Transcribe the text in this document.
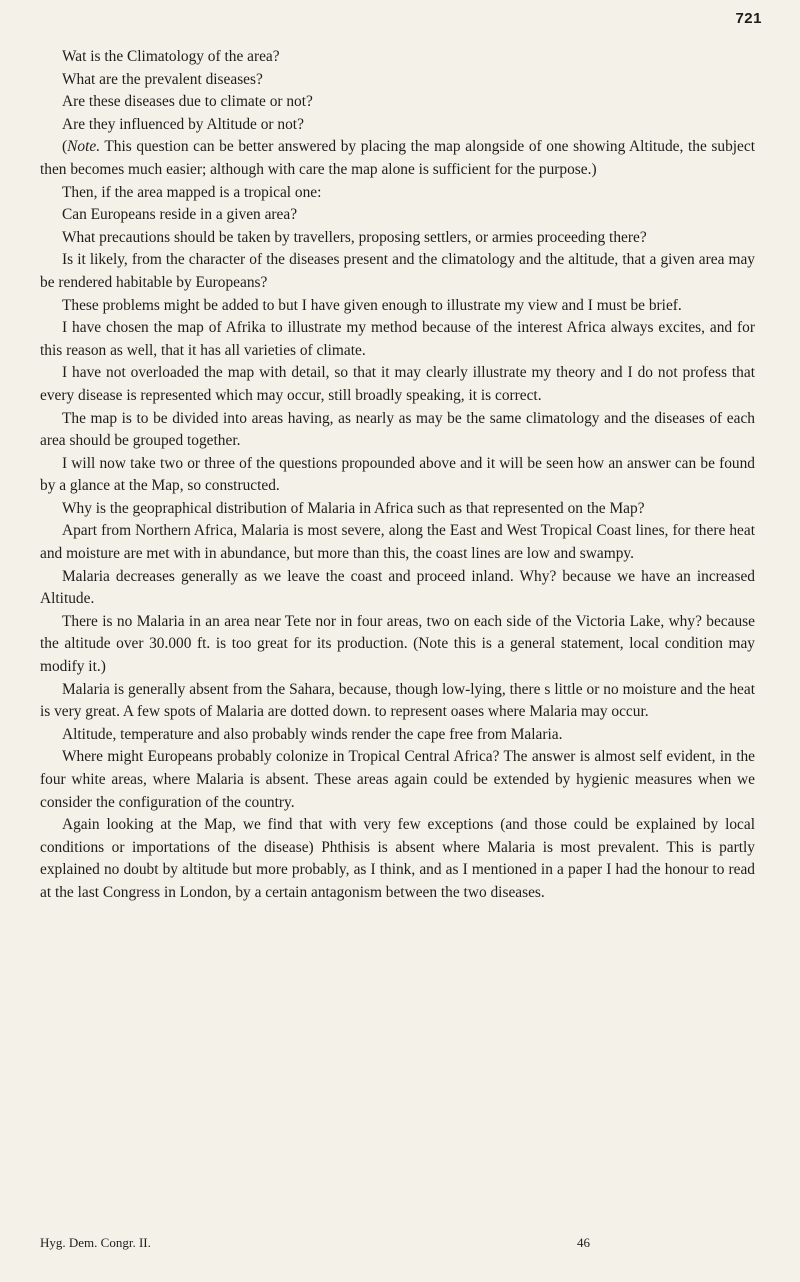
721

Wat is the Climatology of the area?

What are the prevalent diseases?

Are these diseases due to climate or not?

Are they influenced by Altitude or not?

(Note. This question can be better answered by placing the map alongside of one showing Altitude, the subject then becomes much easier; although with care the map alone is sufficient for the purpose.)

Then, if the area mapped is a tropical one:

Can Europeans reside in a given area?

What precautions should be taken by travellers, proposing settlers, or armies proceeding there?

Is it likely, from the character of the diseases present and the climatology and the altitude, that a given area may be rendered habitable by Europeans?

These problems might be added to but I have given enough to illustrate my view and I must be brief.

I have chosen the map of Afrika to illustrate my method because of the interest Africa always excites, and for this reason as well, that it has all varieties of climate.

I have not overloaded the map with detail, so that it may clearly illustrate my theory and I do not profess that every disease is represented which may occur, still broadly speaking, it is correct.

The map is to be divided into areas having, as nearly as may be the same climatology and the diseases of each area should be grouped together.

I will now take two or three of the questions propounded above and it will be seen how an answer can be found by a glance at the Map, so constructed.

Why is the geopraphical distribution of Malaria in Africa such as that represented on the Map?

Apart from Northern Africa, Malaria is most severe, along the East and West Tropical Coast lines, for there heat and moisture are met with in abundance, but more than this, the coast lines are low and swampy.

Malaria decreases generally as we leave the coast and proceed inland. Why? because we have an increased Altitude.

There is no Malaria in an area near Tete nor in four areas, two on each side of the Victoria Lake, why? because the altitude over 30.000 ft. is too great for its production. (Note this is a general statement, local condition may modify it.)

Malaria is generally absent from the Sahara, because, though low-lying, there s little or no moisture and the heat is very great. A few spots of Malaria are dotted down. to represent oases where Malaria may occur.

Altitude, temperature and also probably winds render the cape free from Malaria.

Where might Europeans probably colonize in Tropical Central Africa? The answer is almost self evident, in the four white areas, where Malaria is absent. These areas again could be extended by hygienic measures when we consider the configuration of the country.

Again looking at the Map, we find that with very few exceptions (and those could be explained by local conditions or importations of the disease) Phthisis is absent where Malaria is most prevalent. This is partly explained no doubt by altitude but more probably, as I think, and as I mentioned in a paper I had the honour to read at the last Congress in London, by a certain antagonism between the two diseases.

Hyg. Dem. Congr. II.	46
